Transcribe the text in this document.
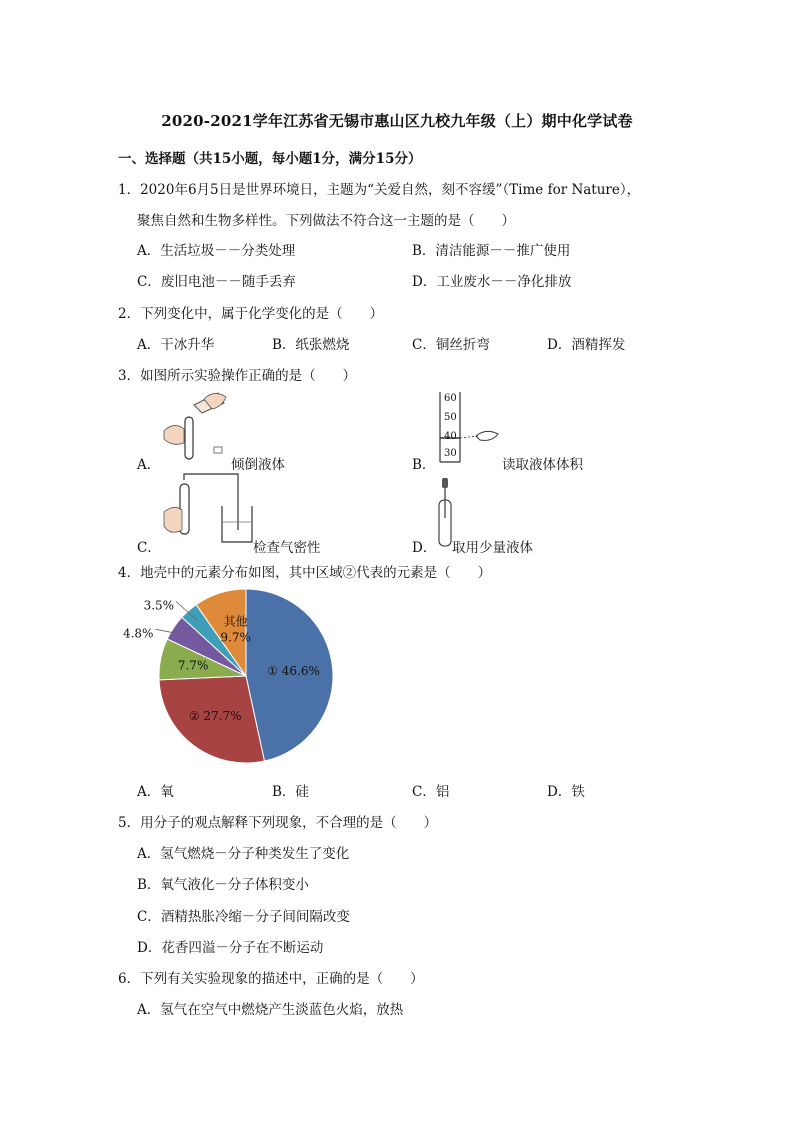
2020-2021学年江苏省无锡市惠山区九校九年级（上）期中化学试卷
一、选择题（共15小题，每小题1分，满分15分）
1．2020年6月5日是世界环境日，主题为“关爱自然，刻不容缓”（Time for Nature），
聚焦自然和生物多样性。下列做法不符合这一主题的是（　　）
A．生活垃圾－－分类处理	B．清洁能源－－推广使用
C．废旧电池－－随手丢弃	D．工业废水－－净化排放
2．下列变化中，属于化学变化的是（　　）
A．干冰升华	B．纸张燃烧	C．铜丝折弯	D．酒精挥发
3．如图所示实验操作正确的是（　　）
A．	倾倒液体	B．
60
50
40
30
读取液体体积
C．	检查气密性	D． 取用少量液体
4．地壳中的元素分布如图，其中区域②代表的元素是（　　）
① 46.6%
② 27.7%
7.7%
4.8%
3.5%
其他
9.7%
A．氧	B．硅	C．铝	D．铁
5．用分子的观点解释下列现象，不合理的是（　　）
A．氢气燃烧－分子种类发生了变化
B．氧气液化－分子体积变小
C．酒精热胀冷缩－分子间间隔改变
D．花香四溢－分子在不断运动
6．下列有关实验现象的描述中，正确的是（　　）
A．氢气在空气中燃烧产生淡蓝色火焰，放热
